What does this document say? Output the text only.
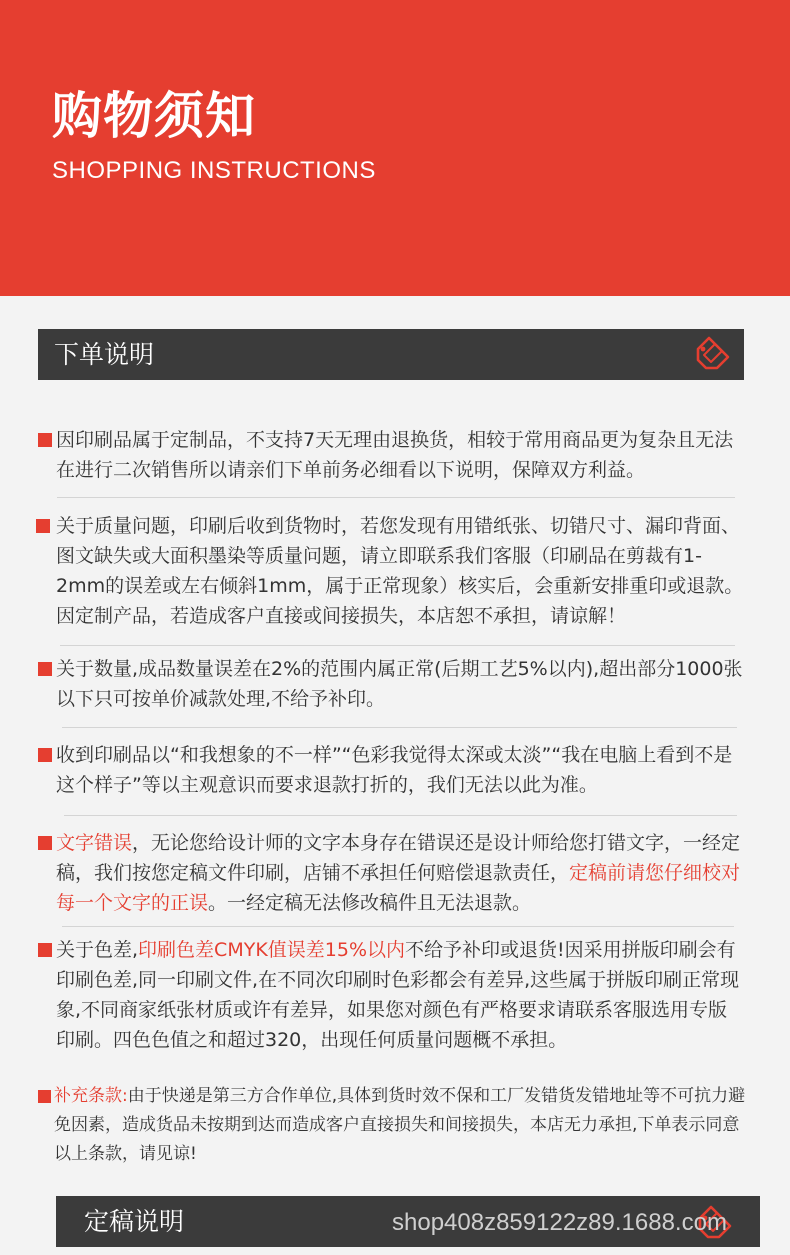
购物须知
SHOPPING INSTRUCTIONS
下单说明
因印刷品属于定制品，不支持7天无理由退换货，相较于常用商品更为复杂且无法在进行二次销售所以请亲们下单前务必细看以下说明，保障双方利益。
关于质量问题，印刷后收到货物时，若您发现有用错纸张、切错尺寸、漏印背面、图文缺失或大面积墨染等质量问题，请立即联系我们客服（印刷品在剪裁有1-2mm的误差或左右倾斜1mm，属于正常现象）核实后，会重新安排重印或退款。因定制产品，若造成客户直接或间接损失，本店恕不承担，请谅解！
关于数量,成品数量误差在2%的范围内属正常(后期工艺5%以内),超出部分1000张以下只可按单价减款处理,不给予补印。
收到印刷品以“和我想象的不一样”“色彩我觉得太深或太淡”“我在电脑上看到不是这个样子”等以主观意识而要求退款打折的，我们无法以此为准。
文字错误，无论您给设计师的文字本身存在错误还是设计师给您打错文字，一经定稿，我们按您定稿文件印刷，店铺不承担任何赔偿退款责任，定稿前请您仔细校对每一个文字的正误。一经定稿无法修改稿件且无法退款。
关于色差,印刷色差CMYK值误差15%以内不给予补印或退货!因采用拼版印刷会有印刷色差,同一印刷文件,在不同次印刷时色彩都会有差异,这些属于拼版印刷正常现象,不同商家纸张材质或许有差异，如果您对颜色有严格要求请联系客服选用专版印刷。四色色值之和超过320，出现任何质量问题概不承担。
补充条款:由于快递是第三方合作单位,具体到货时效不保和工厂发错货发错地址等不可抗力避免因素，造成货品未按期到达而造成客户直接损失和间接损失，本店无力承担,下单表示同意以上条款，请见谅!
定稿说明	shop408z859122z89.1688.com
